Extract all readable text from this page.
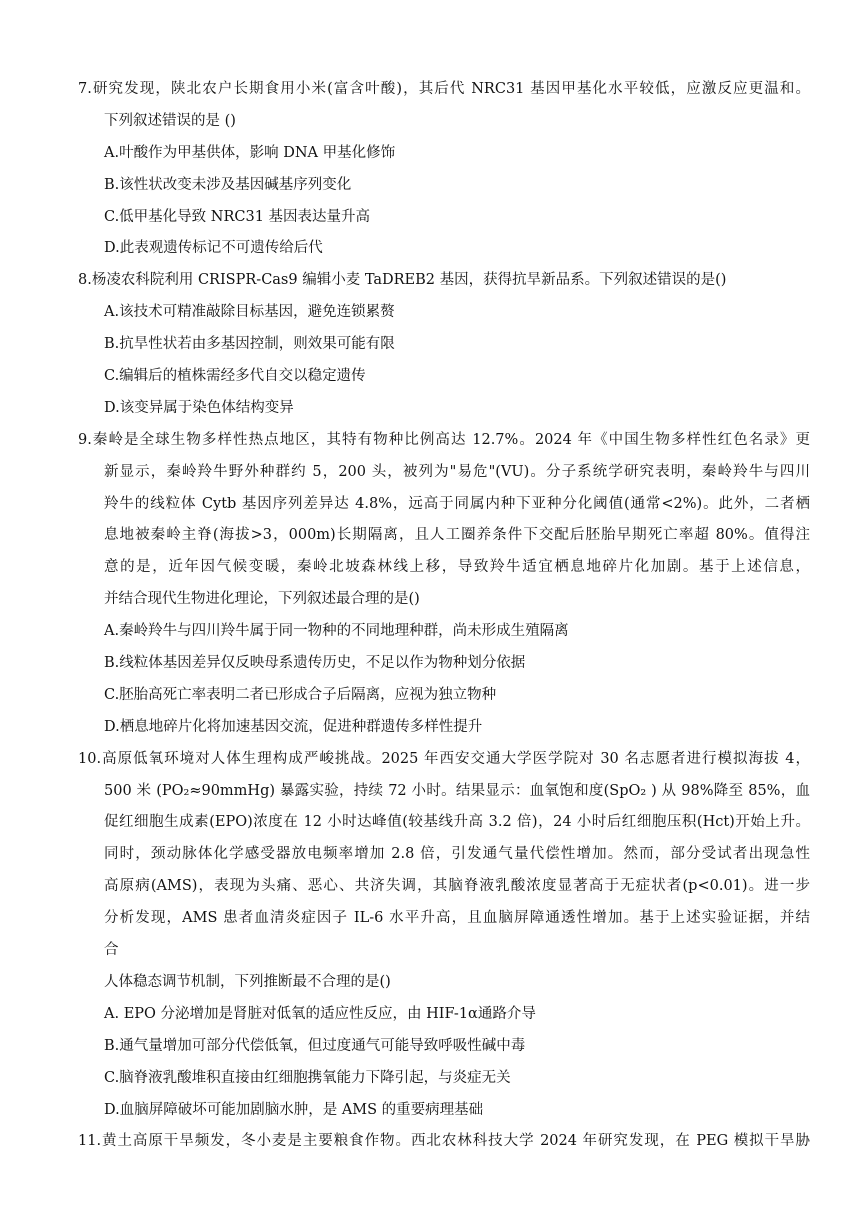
7.研究发现，陕北农户长期食用小米(富含叶酸)，其后代 NRC31 基因甲基化水平较低，应激反应更温和。
下列叙述错误的是 ()
A.叶酸作为甲基供体，影响 DNA 甲基化修饰
B.该性状改变未涉及基因碱基序列变化
C.低甲基化导致 NRC31 基因表达量升高
D.此表观遗传标记不可遗传给后代
8.杨凌农科院利用 CRISPR-Cas9 编辑小麦 TaDREB2 基因，获得抗旱新品系。下列叙述错误的是()
A.该技术可精准敲除目标基因，避免连锁累赘
B.抗旱性状若由多基因控制，则效果可能有限
C.编辑后的植株需经多代自交以稳定遗传
D.该变异属于染色体结构变异
9.秦岭是全球生物多样性热点地区，其特有物种比例高达 12.7%。2024 年《中国生物多样性红色名录》更
新显示，秦岭羚牛野外种群约 5，200 头，被列为"易危"(VU)。分子系统学研究表明，秦岭羚牛与四川
羚牛的线粒体 Cytb 基因序列差异达 4.8%，远高于同属内种下亚种分化阈值(通常<2%)。此外，二者栖
息地被秦岭主脊(海拔>3，000m)长期隔离，且人工圈养条件下交配后胚胎早期死亡率超 80%。值得注
意的是，近年因气候变暖，秦岭北坡森林线上移，导致羚牛适宜栖息地碎片化加剧。基于上述信息，
并结合现代生物进化理论，下列叙述最合理的是()
A.秦岭羚牛与四川羚牛属于同一物种的不同地理种群，尚未形成生殖隔离
B.线粒体基因差异仅反映母系遗传历史，不足以作为物种划分依据
C.胚胎高死亡率表明二者已形成合子后隔离，应视为独立物种
D.栖息地碎片化将加速基因交流，促进种群遗传多样性提升
10.高原低氧环境对人体生理构成严峻挑战。2025 年西安交通大学医学院对 30 名志愿者进行模拟海拔 4，
500 米 (PO₂≈90mmHg) 暴露实验，持续 72 小时。结果显示：血氧饱和度(SpO₂ ) 从 98%降至 85%，血
促红细胞生成素(EPO)浓度在 12 小时达峰值(较基线升高 3.2 倍)，24 小时后红细胞压积(Hct)开始上升。
同时，颈动脉体化学感受器放电频率增加 2.8 倍，引发通气量代偿性增加。然而，部分受试者出现急性
高原病(AMS)，表现为头痛、恶心、共济失调，其脑脊液乳酸浓度显著高于无症状者(p<0.01)。进一步
分析发现，AMS 患者血清炎症因子 IL-6 水平升高，且血脑屏障通透性增加。基于上述实验证据，并结
合
人体稳态调节机制，下列推断最不合理的是()
A. EPO 分泌增加是肾脏对低氧的适应性反应，由 HIF-1α通路介导
B.通气量增加可部分代偿低氧，但过度通气可能导致呼吸性碱中毒
C.脑脊液乳酸堆积直接由红细胞携氧能力下降引起，与炎症无关
D.血脑屏障破坏可能加剧脑水肿，是 AMS 的重要病理基础
11.黄土高原干旱频发，冬小麦是主要粮食作物。西北农林科技大学 2024 年研究发现，在 PEG 模拟干旱胁
